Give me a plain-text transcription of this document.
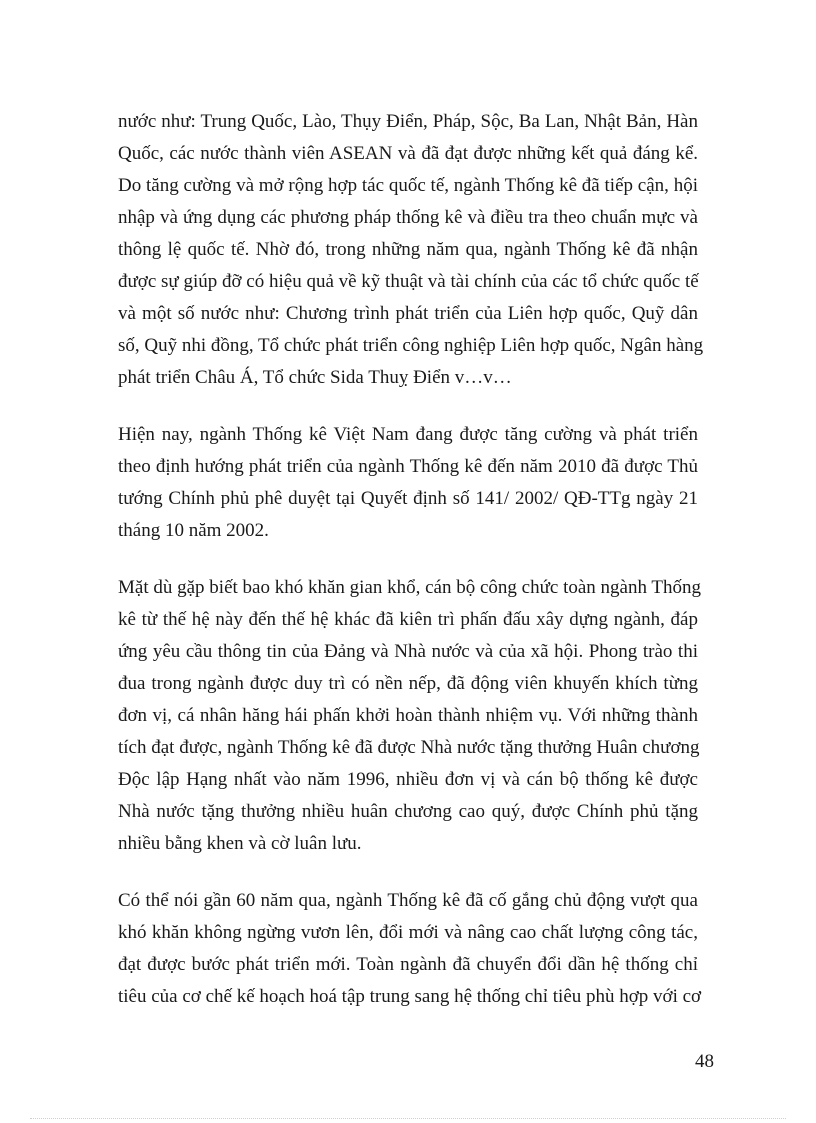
nước như: Trung Quốc, Lào, Thụy Điển, Pháp, Sộc, Ba Lan, Nhật Bản, Hàn
Quốc, các nước thành viên ASEAN và đã đạt được những kết quả đáng kể.
Do tăng cường và mở rộng hợp tác quốc tế, ngành Thống kê đã tiếp cận, hội
nhập và ứng dụng các phương pháp thống kê và điều tra theo chuẩn mực và
thông lệ quốc tế. Nhờ đó, trong những năm qua, ngành Thống kê đã nhận
được sự giúp đỡ có hiệu quả về kỹ thuật và tài chính của các tổ chức quốc tế
và một số nước như: Chương trình phát triển của Liên hợp quốc, Quỹ dân
số, Quỹ nhi đồng, Tổ chức phát triển công nghiệp Liên hợp quốc, Ngân hàng
phát triển Châu Á, Tổ chức Sida Thuỵ Điển v…v…
Hiện nay, ngành Thống kê Việt Nam đang được tăng cường và phát triển
theo định hướng phát triển của ngành Thống kê đến năm 2010 đã được Thủ
tướng Chính phủ phê duyệt tại Quyết định số 141/ 2002/ QĐ-TTg ngày 21
tháng 10 năm 2002.
Mặt dù gặp biết bao khó khăn gian khổ, cán bộ công chức toàn ngành Thống
kê từ thế hệ này đến thế hệ khác đã kiên trì phấn đấu xây dựng ngành, đáp
ứng yêu cầu thông tin của Đảng và Nhà nước và của xã hội. Phong trào thi
đua trong ngành được duy trì có nền nếp, đã động viên khuyến khích từng
đơn vị, cá nhân hăng hái phấn khởi hoàn thành nhiệm vụ. Với những thành
tích đạt được, ngành Thống kê đã được Nhà nước tặng thưởng Huân chương
Độc lập Hạng nhất vào năm 1996, nhiều đơn vị và cán bộ thống kê được
Nhà nước tặng thưởng nhiều huân chương cao quý, được Chính phủ tặng
nhiều bằng khen và cờ luân lưu.
Có thể nói gần 60 năm qua, ngành Thống kê đã cố gắng chủ động vượt qua
khó khăn không ngừng vươn lên, đổi mới và nâng cao chất lượng công tác,
đạt được bước phát triển mới. Toàn ngành đã chuyển đổi dần hệ thống chỉ
tiêu của cơ chế kế hoạch hoá tập trung sang hệ thống chỉ tiêu phù hợp với cơ
48
